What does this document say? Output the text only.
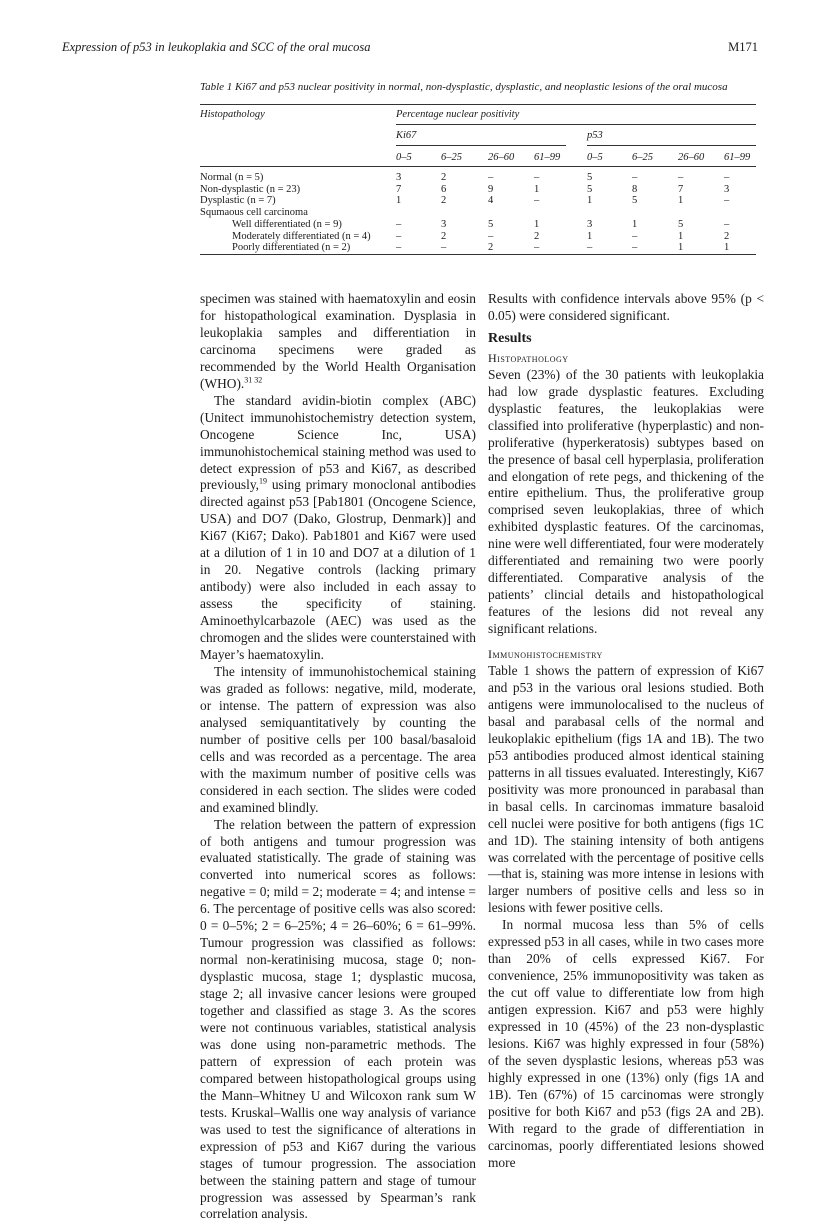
Expression of p53 in leukoplakia and SCC of the oral mucosa	M171
Table 1 Ki67 and p53 nuclear positivity in normal, non-dysplastic, dysplastic, and neoplastic lesions of the oral mucosa
Histopathology	Percentage nuclear positivity
Ki67	p53
0–5	6–25 26–60 61–99	0–5	6–25 26–60 61–99
Normal (n = 5)	3	2	–	–	5	–	–	–
Non-dysplastic (n = 23)	7	6	9	1	5	8	7	3
Dysplastic (n = 7)	1	2	4	–	1	5	1	–
Squmaous cell carcinoma
Well differentiated (n = 9)	–	3	5	1	3	1	5	–
Moderately differentiated (n = 4) –	2	–	2	1	–	1	2
Poorly differentiated (n = 2)	–	–	2	–	–	–	1	1

specimen was stained with haematoxylin and eosin for histopathological examination. Dysplasia in leukoplakia samples and differentiation in carcinoma specimens were graded as recommended by the World Health Organisation (WHO).$^{31 32}$

The standard avidin-biotin complex (ABC) (Unitect immunohistochemistry detection system, Oncogene Science Inc, USA) immunohistochemical staining method was used to detect expression of p53 and Ki67, as described previously,$^{19}$ using primary monoclonal antibodies directed against p53 [Pab1801 (Oncogene Science, USA) and DO7 (Dako, Glostrup, Denmark)] and Ki67 (Ki67; Dako). Pab1801 and Ki67 were used at a dilution of 1 in 10 and DO7 at a dilution of 1 in 20. Negative controls (lacking primary antibody) were also included in each assay to assess the specificity of staining. Aminoethylcarbazole (AEC) was used as the chromogen and the slides were counterstained with Mayer’s haematoxylin.

The intensity of immunohistochemical staining was graded as follows: negative, mild, moderate, or intense. The pattern of expression was also analysed semiquantitatively by counting the number of positive cells per 100 basal/basaloid cells and was recorded as a percentage. The area with the maximum number of positive cells was considered in each section. The slides were coded and examined blindly.

The relation between the pattern of expression of both antigens and tumour progression was evaluated statistically. The grade of staining was converted into numerical scores as follows: negative = 0; mild = 2; moderate = 4; and intense = 6. The percentage of positive cells was also scored: 0 = 0–5%; 2 = 6–25%; 4 = 26–60%; 6 = 61–99%. Tumour progression was classified as follows: normal non-keratinising mucosa, stage 0; non-dysplastic mucosa, stage 1; dysplastic mucosa, stage 2; all invasive cancer lesions were grouped together and classified as stage 3. As the scores were not continuous variables, statistical analysis was done using non-parametric methods. The pattern of expression of each protein was compared between histopathological groups using the Mann–Whitney U and Wilcoxon rank sum W tests. Kruskal–Wallis one way analysis of variance was used to test the significance of alterations in expression of p53 and Ki67 during the various stages of tumour progression. The association between the staining pattern and stage of tumour progression was assessed by Spearman’s rank correlation analysis.

Results with confidence intervals above 95% (p < 0.05) were considered significant.

Results
Histopathology

Seven (23%) of the 30 patients with leukoplakia had low grade dysplastic features. Excluding dysplastic features, the leukoplakias were classified into proliferative (hyperplastic) and non-proliferative (hyperkeratosis) subtypes based on the presence of basal cell hyperplasia, proliferation and elongation of rete pegs, and thickening of the entire epithelium. Thus, the proliferative group comprised seven leukoplakias, three of which exhibited dysplastic features. Of the carcinomas, nine were well differentiated, four were moderately differentiated and remaining two were poorly differentiated. Comparative analysis of the patients’ clincial details and histopathological features of the lesions did not reveal any significant relations.

Immunohistochemistry

Table 1 shows the pattern of expression of Ki67 and p53 in the various oral lesions studied. Both antigens were immunolocalised to the nucleus of basal and parabasal cells of the normal and leukoplakic epithelium (figs 1A and 1B). The two p53 antibodies produced almost identical staining patterns in all tissues evaluated. Interestingly, Ki67 positivity was more pronounced in parabasal than in basal cells. In carcinomas immature basaloid cell nuclei were positive for both antigens (figs 1C and 1D). The staining intensity of both antigens was correlated with the percentage of positive cells—that is, staining was more intense in lesions with larger numbers of positive cells and less so in lesions with fewer positive cells.

In normal mucosa less than 5% of cells expressed p53 in all cases, while in two cases more than 20% of cells expressed Ki67. For convenience, 25% immunopositivity was taken as the cut off value to differentiate low from high antigen expression. Ki67 and p53 were highly expressed in 10 (45%) of the 23 non-dysplastic lesions. Ki67 was highly expressed in four (58%) of the seven dysplastic lesions, whereas p53 was highly expressed in one (13%) only (figs 1A and 1B). Ten (67%) of 15 carcinomas were strongly positive for both Ki67 and p53 (figs 2A and 2B). With regard to the grade of differentiation in carcinomas, poorly differentiated lesions showed more
